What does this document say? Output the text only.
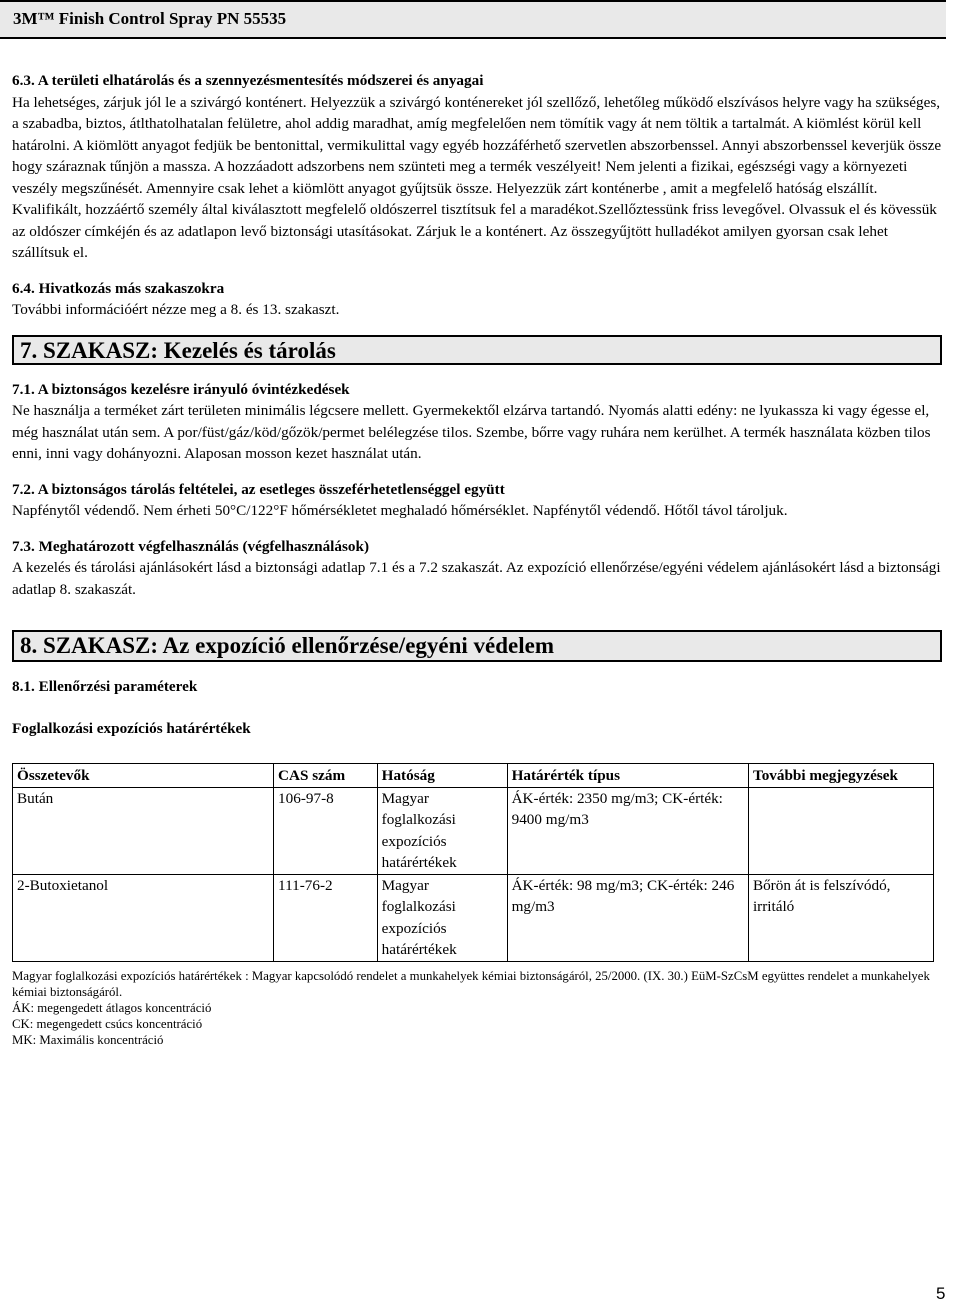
3M™ Finish Control Spray PN 55535

6.3. A területi elhatárolás és a szennyezésmentesítés módszerei és anyagai

Ha lehetséges, zárjuk jól le a szivárgó konténert. Helyezzük a szivárgó konténereket jól szellőző, lehetőleg működő elszívásos helyre vagy ha szükséges, a szabadba, biztos, átlthatolhatalan felületre, ahol addig maradhat, amíg megfelelően nem tömítik vagy át nem töltik a tartalmát. A kiömlést körül kell határolni. A kiömlött anyagot fedjük be bentonittal, vermikulittal vagy egyéb hozzáférhető szervetlen abszorbenssel. Annyi abszorbenssel keverjük össze hogy száraznak tűnjön a massza. A hozzáadott adszorbens nem szünteti meg a termék veszélyeit! Nem jelenti a fizikai, egészségi vagy a környezeti veszély megszűnését. Amennyire csak lehet a kiömlött anyagot gyűjtsük össze. Helyezzük zárt konténerbe , amit a megfelelő hatóság elszállít. Kvalifikált, hozzáértő személy által kiválasztott megfelelő oldószerrel tisztítsuk fel a maradékot.Szellőztessünk friss levegővel. Olvassuk el és kövessük az oldószer címkéjén és az adatlapon levő biztonsági utasításokat. Zárjuk le a konténert. Az összegyűjtött hulladékot amilyen gyorsan csak lehet szállítsuk el.

6.4. Hivatkozás más szakaszokra

További információért nézze meg a 8. és 13. szakaszt.

7. SZAKASZ: Kezelés és tárolás

7.1. A biztonságos kezelésre irányuló óvintézkedések

Ne használja a terméket zárt területen minimális légcsere mellett. Gyermekektől elzárva tartandó. Nyomás alatti edény: ne lyukassza ki vagy égesse el, még használat után sem. A por/füst/gáz/köd/gőzök/permet belélegzése tilos. Szembe, bőrre vagy ruhára nem kerülhet. A termék használata közben tilos enni, inni vagy dohányozni. Alaposan mosson kezet használat után.

7.2. A biztonságos tárolás feltételei, az esetleges összeférhetetlenséggel együtt

Napfénytől védendő. Nem érheti 50°C/122°F hőmérsékletet meghaladó hőmérséklet. Napfénytől védendő. Hőtől távol tároljuk.

7.3. Meghatározott végfelhasználás (végfelhasználások)

A kezelés és tárolási ajánlásokért lásd a biztonsági adatlap 7.1 és a 7.2 szakaszát. Az expozíció ellenőrzése/egyéni védelem ajánlásokért lásd a biztonsági adatlap 8. szakaszát.

8. SZAKASZ: Az expozíció ellenőrzése/egyéni védelem

8.1. Ellenőrzési paraméterek

Foglalkozási expozíciós határértékek

Összetevők	CAS szám	Hatóság	Határérték típus	További megjegyzések
Bután	106-97-8	Magyar foglalkozási expozíciós határértékek	ÁK-érték: 2350 mg/m3; CK-érték: 9400 mg/m3	
2-Butoxietanol	111-76-2	Magyar foglalkozási expozíciós határértékek	ÁK-érték: 98 mg/m3; CK-érték: 246 mg/m3	Bőrön át is felszívódó, irritáló

Magyar foglalkozási expozíciós határértékek : Magyar kapcsolódó rendelet a munkahelyek kémiai biztonságáról, 25/2000. (IX. 30.) EüM-SzCsM együttes rendelet a munkahelyek kémiai biztonságáról.

ÁK: megengedett átlagos koncentráció

CK: megengedett csúcs koncentráció

MK: Maximális koncentráció

5
